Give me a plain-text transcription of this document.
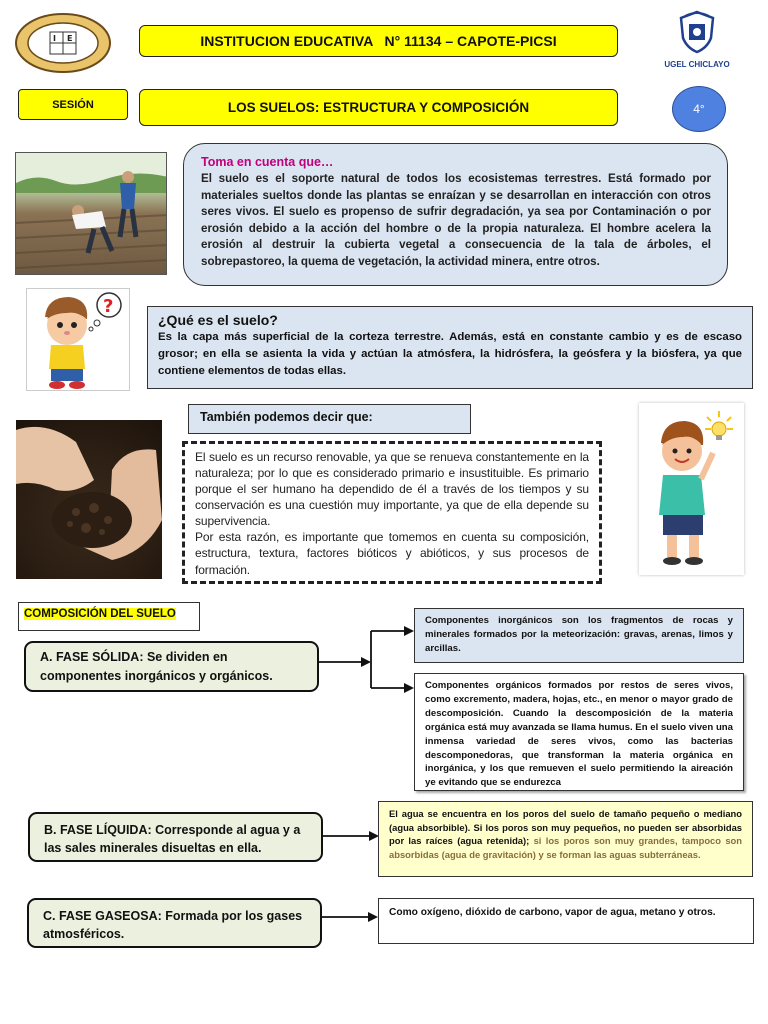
I E	INSTITUCION EDUCATIVA   N° 11134 – CAPOTE-PICSI
UGEL CHICLAYO
SESIÓN	LOS SUELOS: ESTRUCTURA Y COMPOSICIÓN	4°
Toma en cuenta que…
El suelo es el soporte natural de todos los ecosistemas terrestres. Está formado por materiales sueltos donde las plantas se enraízan y se desarrollan en interacción con otros seres vivos. El suelo es propenso de sufrir degradación, ya sea por Contaminación o por erosión debido a la acción del hombre o de la propia naturaleza. El hombre acelera la erosión al destruir la cubierta vegetal a consecuencia de la tala de árboles, el sobrepastoreo, la quema de vegetación, la actividad minera, entre otros.
?
¿Qué es el suelo?
Es la capa más superficial de la corteza terrestre. Además, está en constante cambio y es de escaso grosor; en ella se asienta la vida y actúan la atmósfera, la hidrósfera, la geósfera y la biósfera, ya que contiene elementos de todas ellas.
También podemos decir que:
El suelo es un recurso renovable, ya que se renueva constantemente en la naturaleza; por lo que es considerado primario e insustituible. Es primario porque el ser humano ha dependido de él a través de los tiempos y su conservación es una cuestión muy importante, ya que de ella depende su supervivencia.
Por esta razón, es importante que tomemos en cuenta su composición, estructura, textura, factores bióticos y abióticos, y sus procesos de formación.
COMPOSICIÓN DEL SUELO
A. FASE SÓLIDA: Se dividen en componentes inorgánicos y orgánicos.
Componentes inorgánicos son los fragmentos de rocas y minerales formados por la meteorización: gravas, arenas, limos y arcillas.
Componentes orgánicos formados por restos de seres vivos, como excremento, madera, hojas, etc., en menor o mayor grado de descomposición. Cuando la descomposición de la materia orgánica está muy avanzada se llama humus. En el suelo viven una inmensa variedad de seres vivos, como las bacterias descomponedoras, que transforman la materia orgánica en inorgánica, y los que remueven el suelo permitiendo la aireación ye evitando que se endurezca
B. FASE LÍQUIDA: Corresponde al agua y a las sales minerales disueltas en ella.
El agua se encuentra en los poros del suelo de tamaño pequeño o mediano (agua absorbible). Si los poros son muy pequeños, no pueden ser absorbidas por las raíces (agua retenida); si los poros son muy grandes, tampoco son absorbidas (agua de gravitación) y se forman las aguas subterráneas.
C. FASE GASEOSA: Formada por los gases atmosféricos.
Como oxígeno, dióxido de carbono, vapor de agua, metano y otros.
